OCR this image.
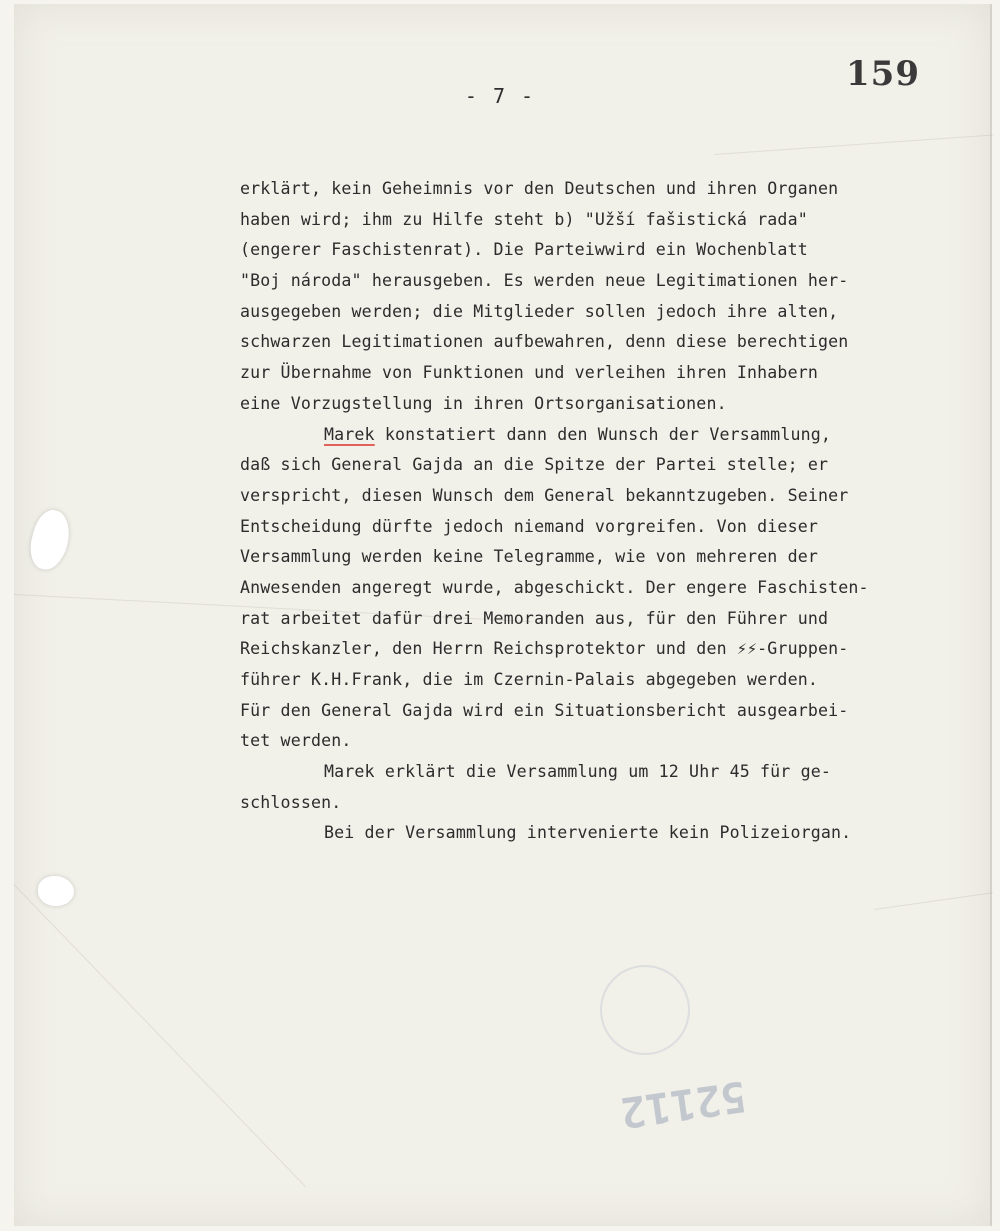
- 7 -
159
52112
erklärt, kein Geheimnis vor den Deutschen und ihren Organen
haben wird; ihm zu Hilfe steht b) "Užší fašistická rada"
(engerer Faschistenrat). Die Parteiwwird ein Wochenblatt
"Boj národa" herausgeben. Es werden neue Legitimationen her-
ausgegeben werden; die Mitglieder sollen jedoch ihre alten,
schwarzen Legitimationen aufbewahren, denn diese berechtigen
zur Übernahme von Funktionen und verleihen ihren Inhabern
eine Vorzugstellung in ihren Ortsorganisationen.
Marek konstatiert dann den Wunsch der Versammlung,
daß sich General Gajda an die Spitze der Partei stelle; er
verspricht, diesen Wunsch dem General bekanntzugeben. Seiner
Entscheidung dürfte jedoch niemand vorgreifen. Von dieser
Versammlung werden keine Telegramme, wie von mehreren der
Anwesenden angeregt wurde, abgeschickt. Der engere Faschisten-
rat arbeitet dafür drei Memoranden aus, für den Führer und
Reichskanzler, den Herrn Reichsprotektor und den ⚡⚡-Gruppen-
führer K.H.Frank, die im Czernin-Palais abgegeben werden.
Für den General Gajda wird ein Situationsbericht ausgearbei-
tet werden.
Marek erklärt die Versammlung um 12 Uhr 45 für ge-
schlossen.
Bei der Versammlung intervenierte kein Polizeiorgan.
